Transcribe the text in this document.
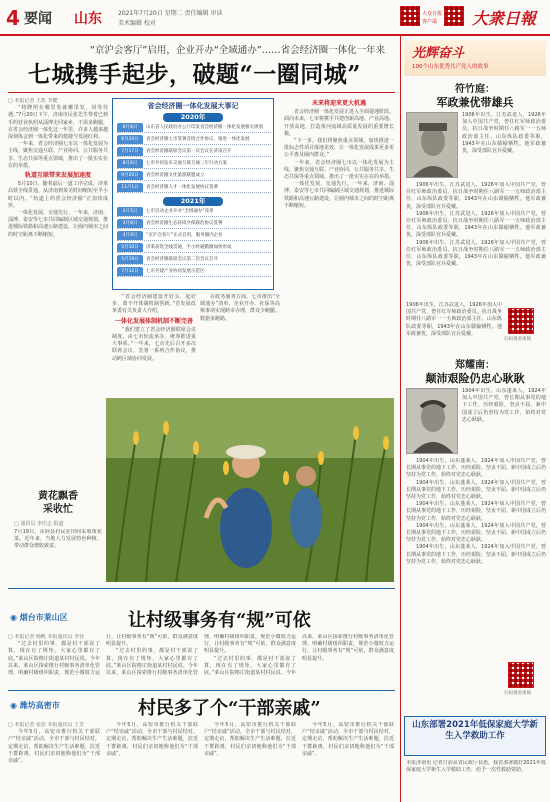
4 要闻 山东	2021年7月20日 星期二 责任编辑 审读
美术编辑 校对
大众日报
客户端 大衆日報
“京沪会客厅”启用，企业开办“全域通办”……省会经济圈一体化一年来
七城携手起步，破题“一圈同城”
□ 本报记者 王凯 李健

“将牌照在哪里发就哪里发，同等待遇。”7月20日下午，济南市民张先生带着已到手的营业执照从淄博走回家乡，不需多跑腿，在省会经济圈一体化这一年里，许多人越来越深刻体会到一体化带来的便捷与发展红利。

一年来，省会经济圈七市以一体化发展为主线，聚焦交通互联、产业协同、公共服务共享、生态共保等重点领域，推出了一批实实在在的举措。

轨道互联带来发展加速度

5月10日，随着最后一道工序完成，济莱高铁全线贯通，从济南到莱芜时间缩短至半小时以内。“轨道上的省会经济圈”正加快成形。

一体化发展，交通先行。一年来，济南、淄博、泰安等七市共同编制区域交通规划，推进城际铁路和高速公路建设，让圈内城市之间的时空距离不断缩短。

“省会经济圈建设开好头、起好步，离不开体制机制创新。”省发展改革委有关负责人介绍。

一体化发展体制机制不断完善

“我们建立了省会经济圈联席会议制度，由七市轮流承办，统筹推进重大事项。”一年来，七市先后召开多次联席会议，签署一系列合作协议，推动跨区域协同发展。

在政务服务方面，七市推出“全域通办”清单，企业开办、社保等高频事项实现跨市办理，群众少跑腿、数据多跑路。

未来将迎来更大机遇

省会经济圈一体化发展正进入全面提速阶段。面向未来，七市将携手共建创新高地、产业高地、开放高地，打造黄河流域高质量发展的重要增长极。

“下一步，我们将聚焦重点领域，加快推进一批标志性项目落地见效，让一体化发展成果更多更公平惠及圈内群众。”

一年来，省会经济圈七市以一体化发展为主线，聚焦交通互联、产业协同、公共服务共享、生态共保等重点领域，推出了一批实实在在的举措。

一体化发展，交通先行。一年来，济南、淄博、泰安等七市共同编制区域交通规划，推进城际铁路和高速公路建设，让圈内城市之间的时空距离不断缩短。

省会经济圈一体化发展大事记
2020年
6月8日 山东省人民政府办公厅印发省会经济圈一体化发展相关规划
6月20日 省会经济圈七市签署首批合作协议，推进一体化发展
7月17日 省会经济圈联席会议第一次会议在济南召开
8月6日 七市共同发布交通互联互通三年行动方案
9月20日 省会经济圈文化旅游联盟成立
12月1日 省会经济圈人才一体化发展协议签署
2021年
2月5日 七市启动企业开办“全域通办”改革
3月8日 省会经济圈生态环境共保联治协议签署
4月9日 “京沪会客厅”正式启用，服务圈内企业
5月10日 济莱高铁全线贯通，半小时通勤圈加快形成
5月19日 省会经济圈联席会议第二次会议召开
7月12日 七市共建产业协同发展示范区
黄花飘香
采收忙
□ 通讯员 李庆志 报道
7月19日，东阿县村民在田间采收黄花菜。近年来，当地大力发展特色种植，带动群众增收致富。
◉ 烟台市莱山区	让村级事务有“规”可依
□ 本报记者 杨帆 本报通讯员 李佳

“过去村里的事，都是村干部说了算，现在有了规矩，大家心里都有了底。”莱山区院格庄街道某村村民说。今年以来，莱山区探索推行村级事务清单化管理，明确村级组织职责，规范小微权力运行，让村级事务有“规”可依，群众满意度明显提升。

“过去村里的事，都是村干部说了算，现在有了规矩，大家心里都有了底。”莱山区院格庄街道某村村民说。今年以来，莱山区探索推行村级事务清单化管理，明确村级组织职责，规范小微权力运行，让村级事务有“规”可依，群众满意度明显提升。

“过去村里的事，都是村干部说了算，现在有了规矩，大家心里都有了底。”莱山区院格庄街道某村村民说。今年以来，莱山区探索推行村级事务清单化管理，明确村级组织职责，规范小微权力运行，让村级事务有“规”可依，群众满意度明显提升。

◉ 潍坊高密市	村民多了个“干部亲戚”
□ 本报记者 张蓓 本报通讯员 王芳

今年5月，高密市推行机关干部联户“结亲戚”活动，全市干部与村民结对，定期走访，帮助解决生产生活难题，拉近干群距离，村民们亲切地称他们为“干部亲戚”。

今年5月，高密市推行机关干部联户“结亲戚”活动，全市干部与村民结对，定期走访，帮助解决生产生活难题，拉近干群距离，村民们亲切地称他们为“干部亲戚”。

今年5月，高密市推行机关干部联户“结亲戚”活动，全市干部与村民结对，定期走访，帮助解决生产生活难题，拉近干群距离，村民们亲切地称他们为“干部亲戚”。

今年5月，高密市推行机关干部联户“结亲戚”活动，全市干部与村民结对，定期走访，帮助解决生产生活难题，拉近干群距离，村民们亲切地称他们为“干部亲戚”。

光辉奋斗
100个山东优秀共产党人的故事
符竹庭：
军政兼优带雄兵
1906年出生，江苏武进人，1926年加入中国共产党，曾任红军师政治委员。抗日战争时期任八路军一一五师政治部主任、山东纵队政委等职，1943年在山东赣榆牺牲。他军政兼优，深受部队官兵爱戴。

1906年出生，江苏武进人，1926年加入中国共产党，曾任红军师政治委员。抗日战争时期任八路军一一五师政治部主任、山东纵队政委等职，1943年在山东赣榆牺牲。他军政兼优，深受部队官兵爱戴。

1906年出生，江苏武进人，1926年加入中国共产党，曾任红军师政治委员。抗日战争时期任八路军一一五师政治部主任、山东纵队政委等职，1943年在山东赣榆牺牲。他军政兼优，深受部队官兵爱戴。

1906年出生，江苏武进人，1926年加入中国共产党，曾任红军师政治委员。抗日战争时期任八路军一一五师政治部主任、山东纵队政委等职，1943年在山东赣榆牺牲。他军政兼优，深受部队官兵爱戴。

1906年出生，江苏武进人，1926年加入中国共产党，曾任红军师政治委员。抗日战争时期任八路军一一五师政治部主任、山东纵队政委等职，1943年在山东赣榆牺牲。他军政兼优，深受部队官兵爱戴。
扫码观看视频
郑耀南：
颠沛艰险仍忠心耿耿
1904年出生，山东蓬莱人，1924年加入中国共产党，曾长期从事党的地下工作，历经艰险，坚贞不屈。新中国成立后仍坚持为党工作，始终对党忠心耿耿。

1904年出生，山东蓬莱人，1924年加入中国共产党，曾长期从事党的地下工作，历经艰险，坚贞不屈。新中国成立后仍坚持为党工作，始终对党忠心耿耿。

1904年出生，山东蓬莱人，1924年加入中国共产党，曾长期从事党的地下工作，历经艰险，坚贞不屈。新中国成立后仍坚持为党工作，始终对党忠心耿耿。

1904年出生，山东蓬莱人，1924年加入中国共产党，曾长期从事党的地下工作，历经艰险，坚贞不屈。新中国成立后仍坚持为党工作，始终对党忠心耿耿。

1904年出生，山东蓬莱人，1924年加入中国共产党，曾长期从事党的地下工作，历经艰险，坚贞不屈。新中国成立后仍坚持为党工作，始终对党忠心耿耿。

1904年出生，山东蓬莱人，1924年加入中国共产党，曾长期从事党的地下工作，历经艰险，坚贞不屈。新中国成立后仍坚持为党工作，始终对党忠心耿耿。

扫码观看视频
山东部署2021年低保家庭大学新生入学救助工作
本报济南讯 记者日前从省民政厅获悉，我省部署做好2021年低保家庭大学新生入学救助工作，给予一次性救助资助。
